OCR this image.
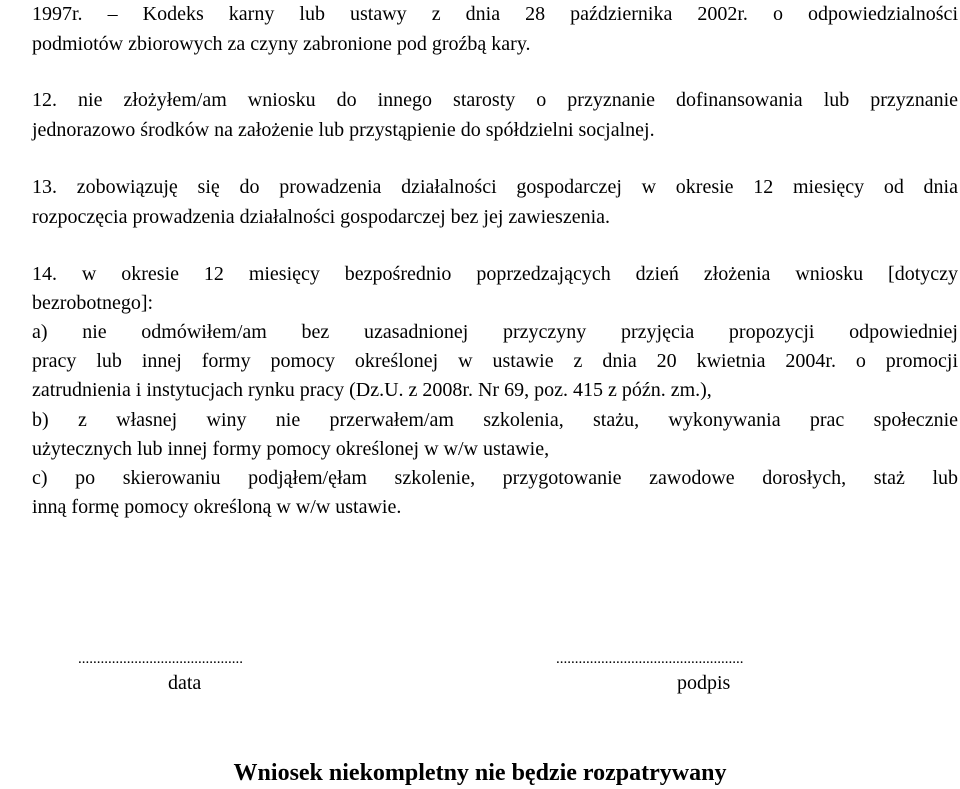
1997r. – Kodeks karny lub ustawy z dnia 28 października 2002r. o odpowiedzialności
podmiotów zbiorowych za czyny zabronione pod groźbą kary.
12. nie złożyłem/am wniosku do innego starosty o przyznanie dofinansowania lub przyznanie
jednorazowo środków na założenie lub przystąpienie do spółdzielni socjalnej.
13. zobowiązuję się do prowadzenia działalności gospodarczej w okresie 12 miesięcy od dnia
rozpoczęcia prowadzenia działalności gospodarczej bez jej zawieszenia.
14. w okresie 12 miesięcy bezpośrednio poprzedzających dzień złożenia wniosku [dotyczy
bezrobotnego]:
a) nie odmówiłem/am bez uzasadnionej przyczyny przyjęcia propozycji odpowiedniej
pracy lub innej formy pomocy określonej w ustawie z dnia 20 kwietnia 2004r. o promocji
zatrudnienia i instytucjach rynku pracy (Dz.U. z 2008r. Nr 69, poz. 415 z późn. zm.),
b) z własnej winy nie przerwałem/am szkolenia, stażu, wykonywania prac społecznie
użytecznych lub innej formy pomocy określonej w w/w ustawie,
c) po skierowaniu podjąłem/ęłam szkolenie, przygotowanie zawodowe dorosłych, staż lub
inną formę pomocy określoną w w/w ustawie.
............................................	..................................................
data	podpis
Wniosek niekompletny nie będzie rozpatrywany
